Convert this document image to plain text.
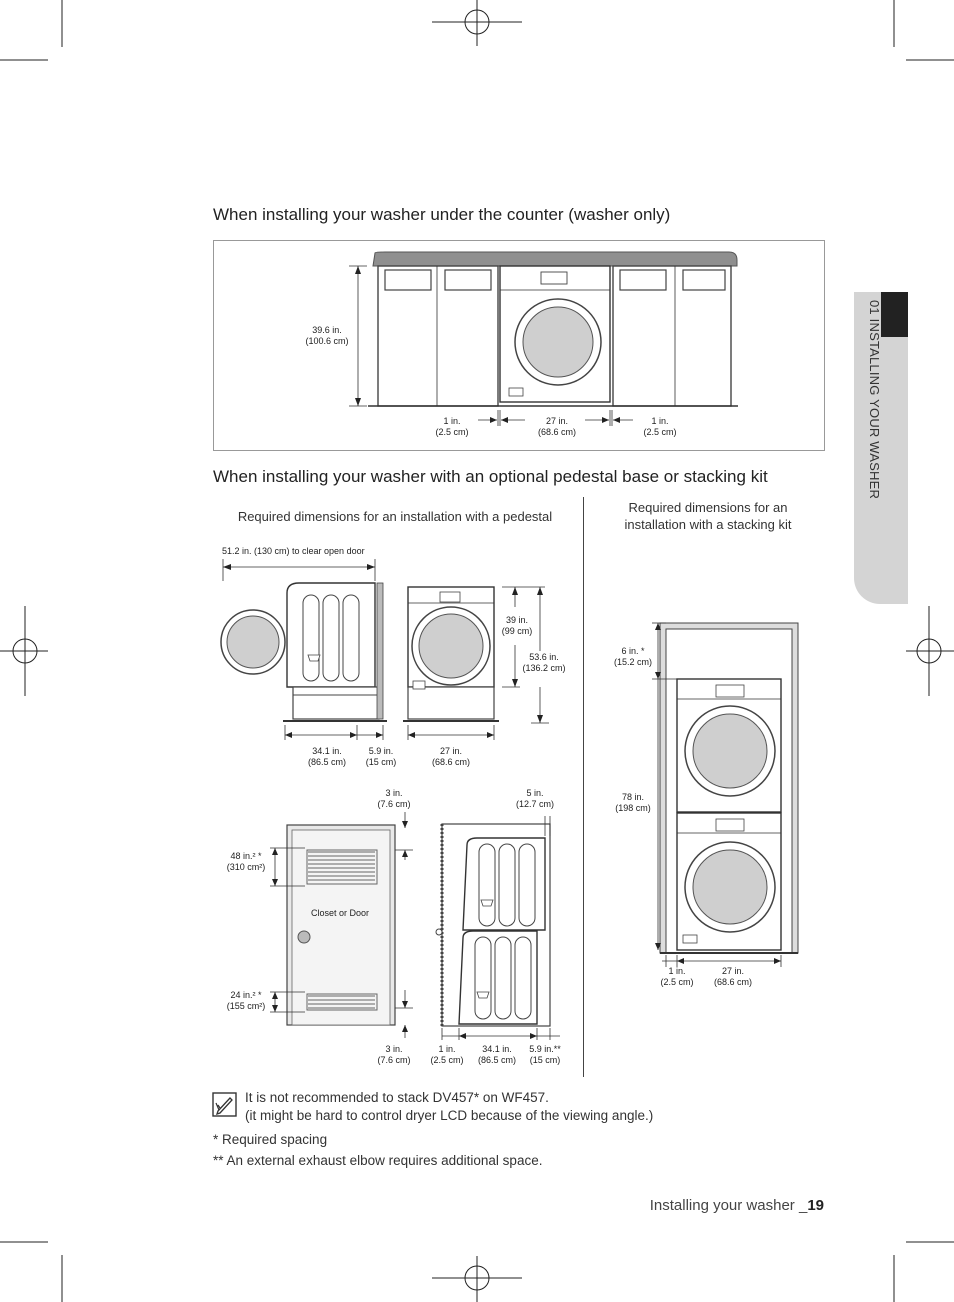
01 INSTALLING YOUR WASHER
When installing your washer under the counter (washer only)
39.6 in.
(100.6 cm)
1 in.
(2.5 cm)
27 in.
(68.6 cm)
1 in.
(2.5 cm)
When installing your washer with an optional pedestal base or stacking kit
Required dimensions for an installation with a pedestal
Required dimensions for an installation with a stacking kit
51.2 in. (130 cm) to clear open door
34.1 in.
(86.5 cm)
5.9 in.
(15 cm)
27 in.
(68.6 cm)
39 in.
(99 cm)
53.6 in.
(136.2 cm)
48 in.² *
(310 cm²)
24 in.² *
(155 cm²)
Closet or Door
3 in.
(7.6 cm)
3 in.
(7.6 cm)
5 in.
(12.7 cm)
1 in.
(2.5 cm)
34.1 in.
(86.5 cm)
5.9 in.**
(15 cm)
6 in. *
(15.2 cm)
78 in.
(198 cm)
1 in.
(2.5 cm)
27 in.
(68.6 cm)
It is not recommended to stack DV457* on WF457.
(it might be hard to control dryer LCD because of the viewing angle.)
* Required spacing
** An external exhaust elbow requires additional space.
Installing your washer _19
